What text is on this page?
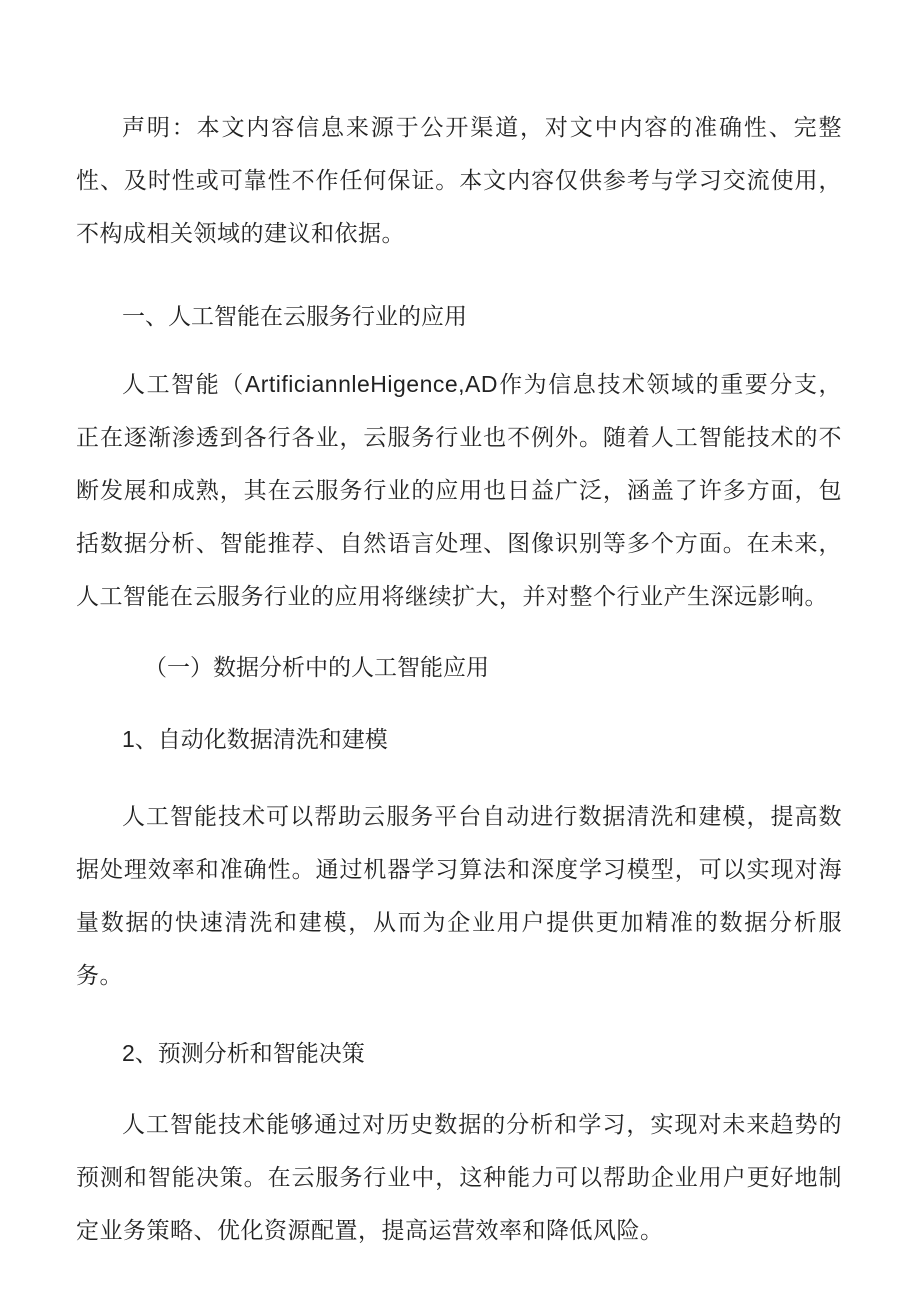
声明：本文内容信息来源于公开渠道，对文中内容的准确性、完整性、及时性或可靠性不作任何保证。本文内容仅供参考与学习交流使用，不构成相关领域的建议和依据。

一、人工智能在云服务行业的应用

人工智能（ArtificiannleHigence,AD作为信息技术领域的重要分支，正在逐渐渗透到各行各业，云服务行业也不例外。随着人工智能技术的不断发展和成熟，其在云服务行业的应用也日益广泛，涵盖了许多方面，包括数据分析、智能推荐、自然语言处理、图像识别等多个方面。在未来，人工智能在云服务行业的应用将继续扩大，并对整个行业产生深远影响。

（一）数据分析中的人工智能应用

1、自动化数据清洗和建模

人工智能技术可以帮助云服务平台自动进行数据清洗和建模，提高数据处理效率和准确性。通过机器学习算法和深度学习模型，可以实现对海量数据的快速清洗和建模，从而为企业用户提供更加精准的数据分析服务。

2、预测分析和智能决策

人工智能技术能够通过对历史数据的分析和学习，实现对未来趋势的预测和智能决策。在云服务行业中，这种能力可以帮助企业用户更好地制定业务策略、优化资源配置，提高运营效率和降低风险。
